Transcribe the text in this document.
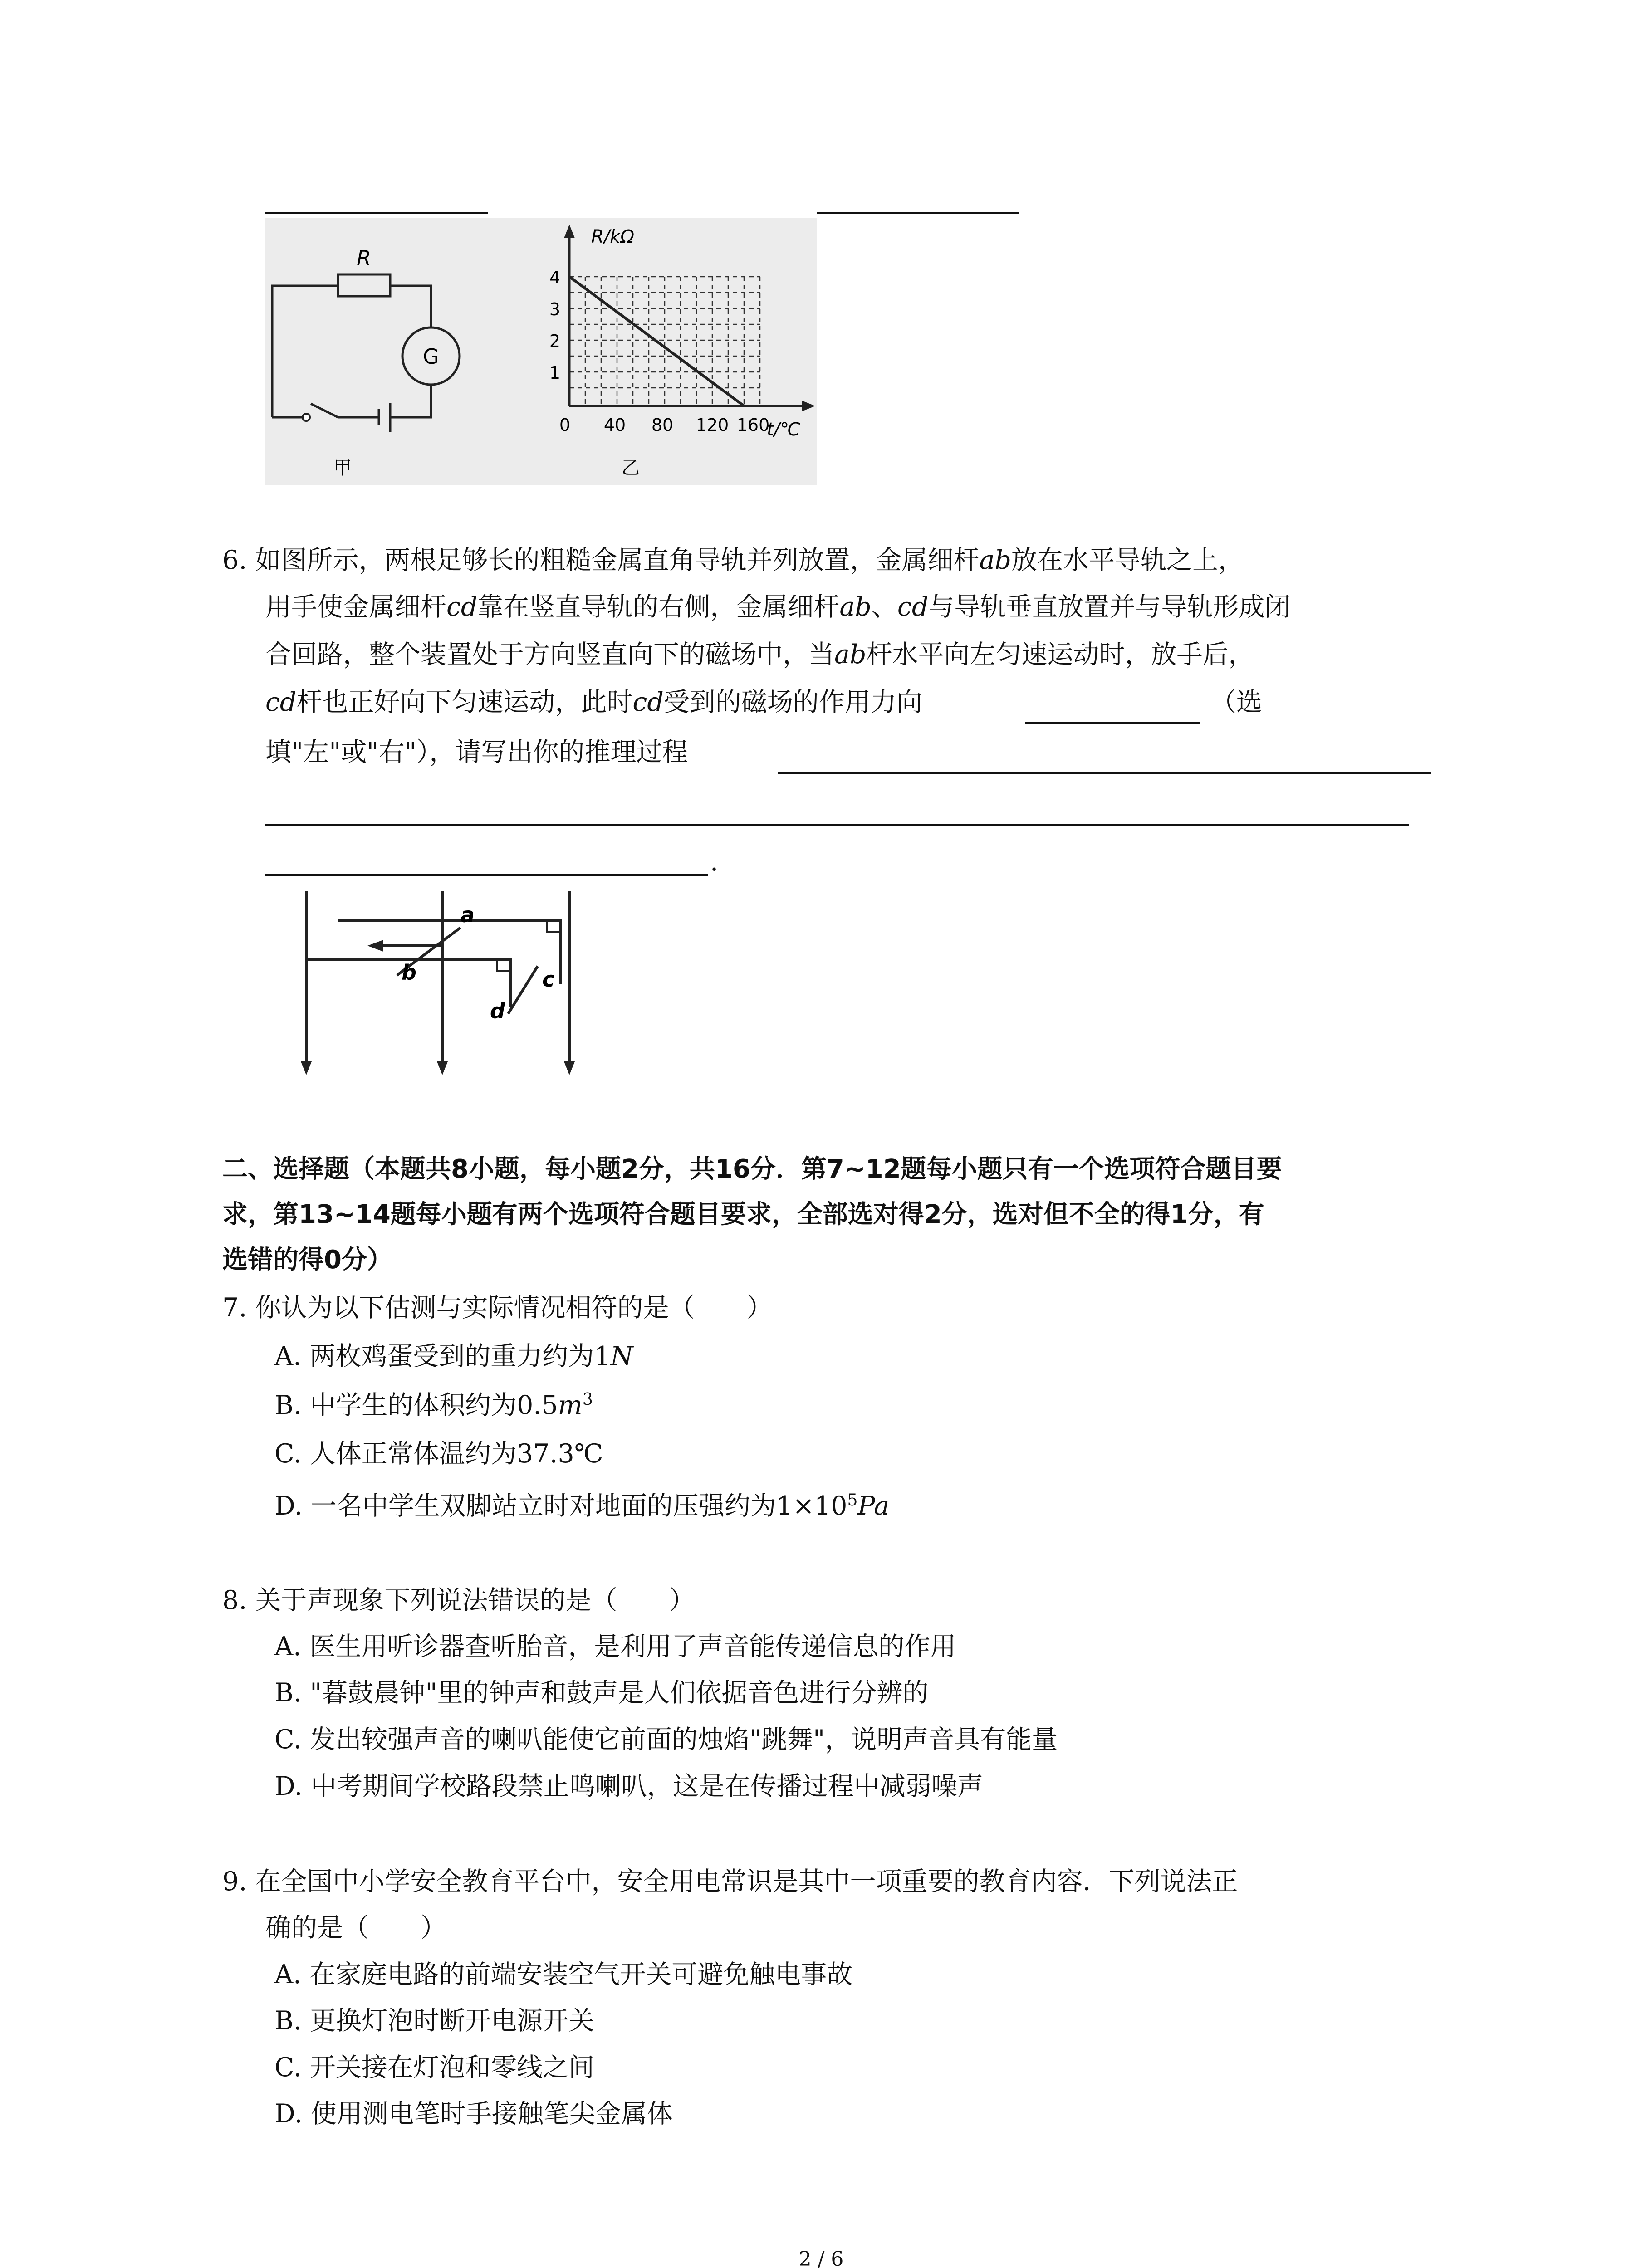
R
G
甲
R/kΩ
t/℃
4
3
2
1
0 40 80 120 160
乙
6. 如图所示，两根足够长的粗糙金属直角导轨并列放置，金属细杆ab放在水平导轨之上，
用手使金属细杆cd靠在竖直导轨的右侧，金属细杆ab、cd与导轨垂直放置并与导轨形成闭
合回路，整个装置处于方向竖直向下的磁场中，当ab杆水平向左匀速运动时，放手后，
cd杆也正好向下匀速运动，此时cd受到的磁场的作用力向	（选
填"左"或"右"），请写出你的推理过程
.
a
b	c
d
二、选择题（本题共8小题，每小题2分，共16分．第7~12题每小题只有一个选项符合题目要
求，第13~14题每小题有两个选项符合题目要求，全部选对得2分，选对但不全的得1分，有
选错的得0分）
7. 你认为以下估测与实际情况相符的是（　　）
A. 两枚鸡蛋受到的重力约为1N
B. 中学生的体积约为$0.5m^3$
C. 人体正常体温约为37.3℃
D. 一名中学生双脚站立时对地面的压强约为$1\times 10^5Pa$
8. 关于声现象下列说法错误的是（　　）
A. 医生用听诊器查听胎音，是利用了声音能传递信息的作用
B. "暮鼓晨钟"里的钟声和鼓声是人们依据音色进行分辨的
C. 发出较强声音的喇叭能使它前面的烛焰"跳舞"，说明声音具有能量
D. 中考期间学校路段禁止鸣喇叭，这是在传播过程中减弱噪声
9. 在全国中小学安全教育平台中，安全用电常识是其中一项重要的教育内容．下列说法正
确的是（　　）
A. 在家庭电路的前端安装空气开关可避免触电事故
B. 更换灯泡时断开电源开关
C. 开关接在灯泡和零线之间
D. 使用测电笔时手接触笔尖金属体
2 / 6
